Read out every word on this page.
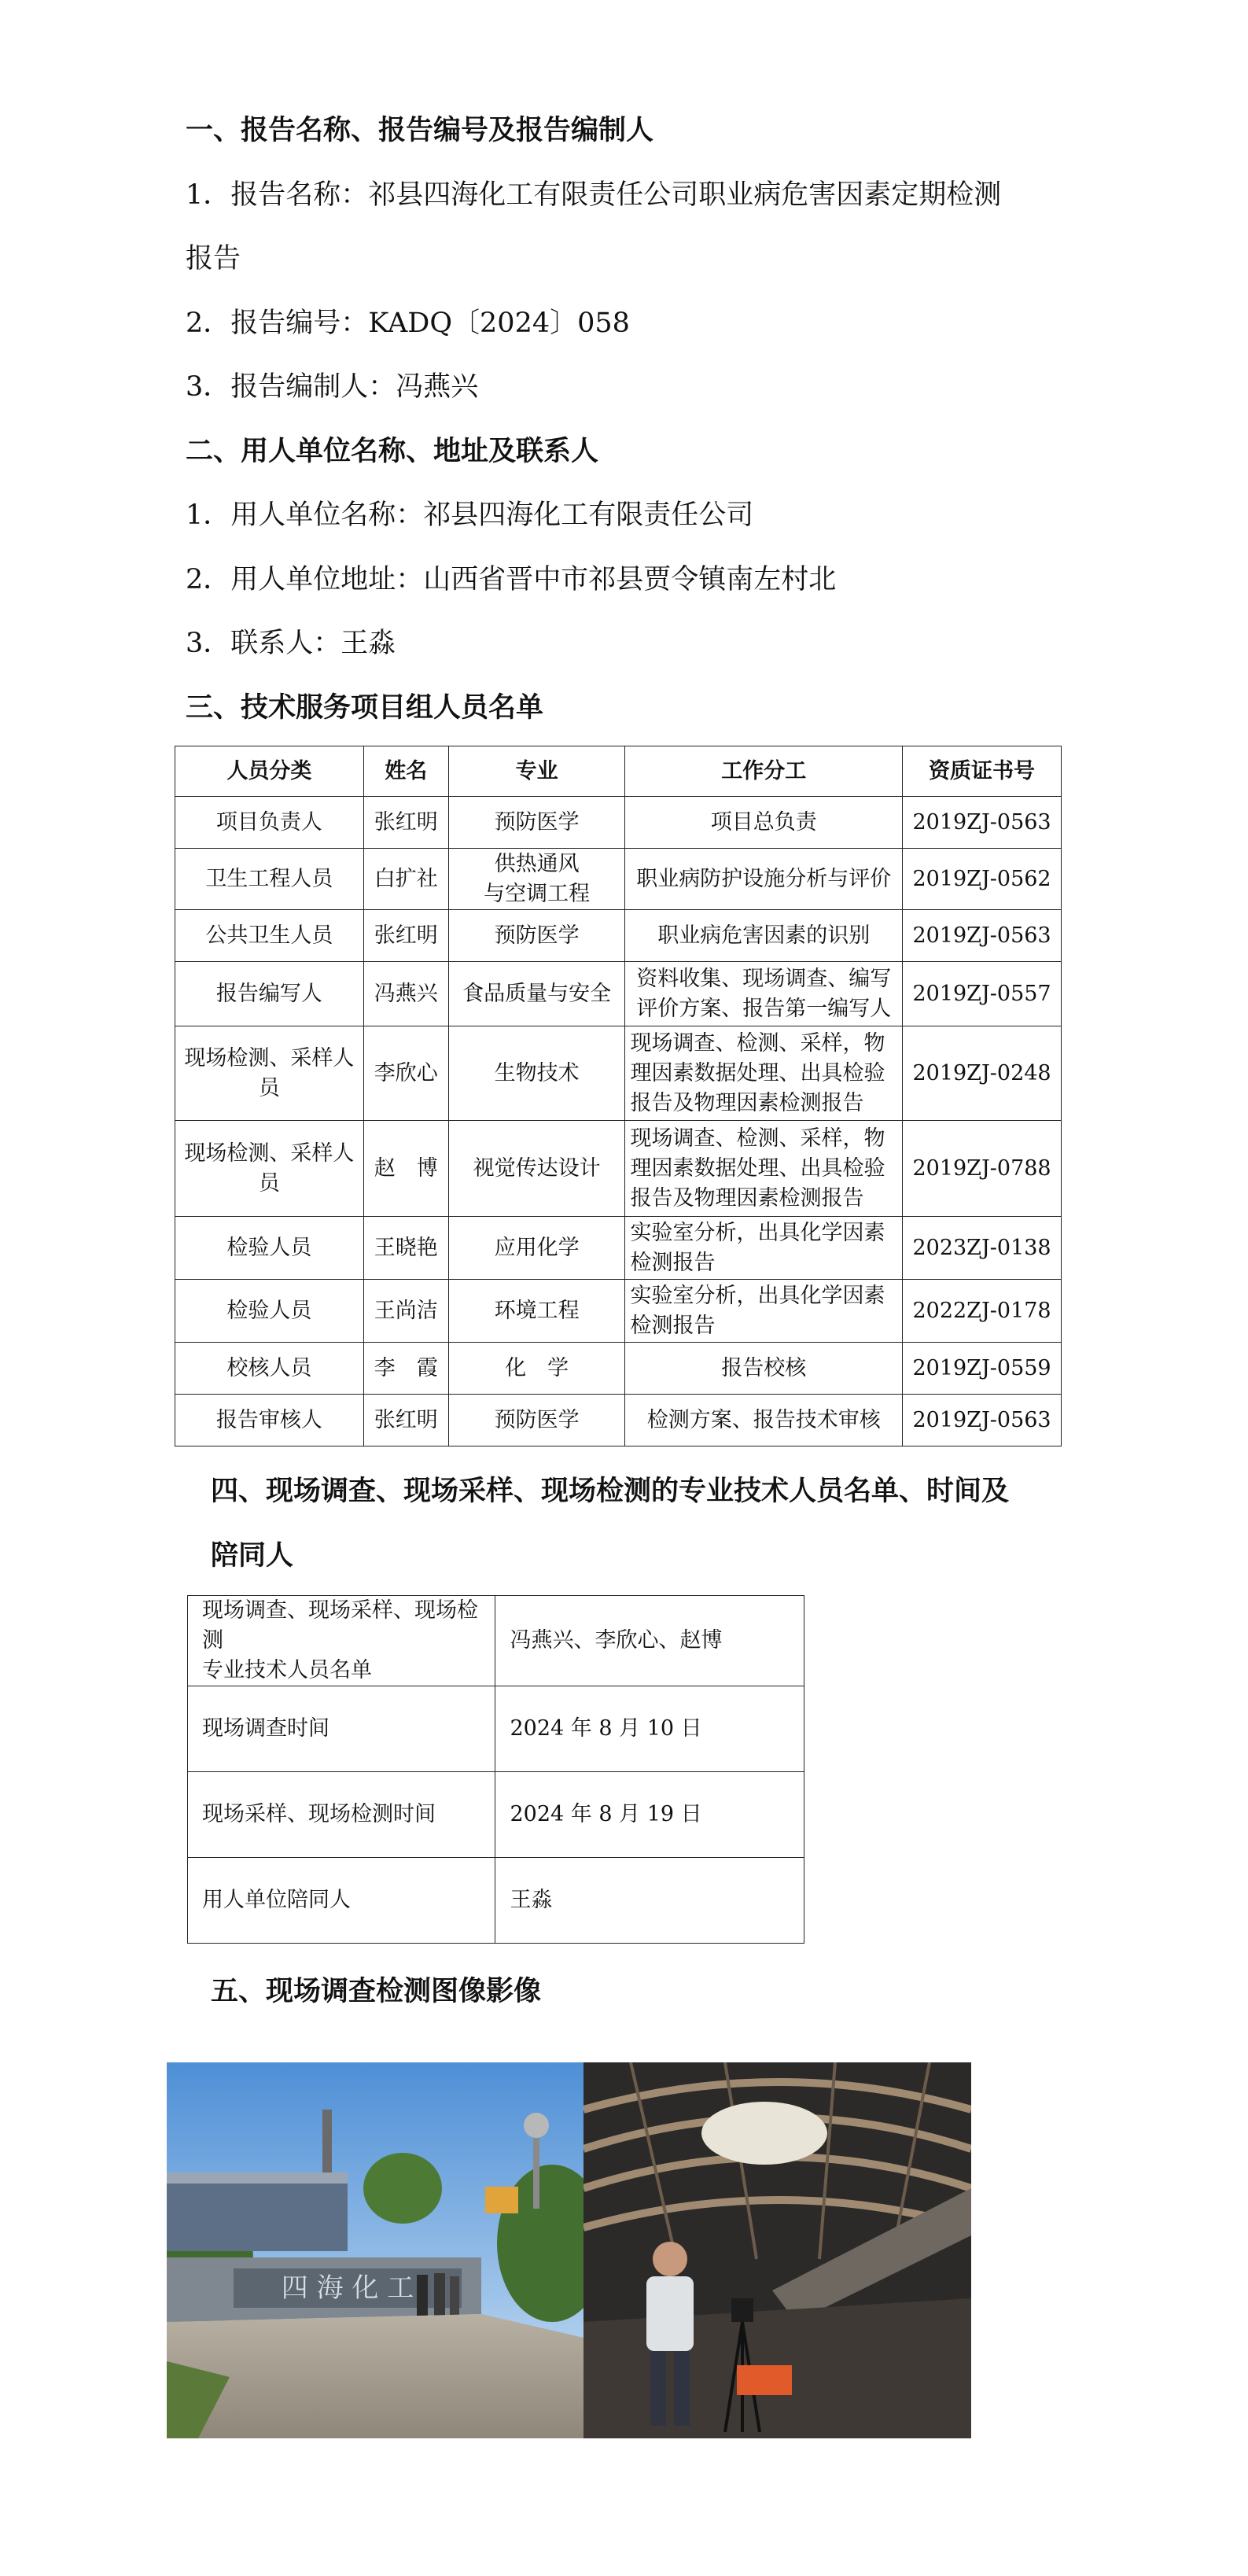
一、报告名称、报告编号及报告编制人
1．报告名称：祁县四海化工有限责任公司职业病危害因素定期检测
报告
2．报告编号：KADQ〔2024〕058
3．报告编制人：冯燕兴
二、用人单位名称、地址及联系人
1．用人单位名称：祁县四海化工有限责任公司
2．用人单位地址：山西省晋中市祁县贾令镇南左村北
3．联系人：王淼
三、技术服务项目组人员名单
人员分类	姓名	专业	工作分工	资质证书号
项目负责人	张红明	预防医学	项目总负责	2019ZJ-0563
卫生工程人员	白扩社	供热通风
与空调工程	职业病防护设施分析与评价	2019ZJ-0562
公共卫生人员	张红明	预防医学	职业病危害因素的识别	2019ZJ-0563
报告编写人	冯燕兴	食品质量与安全	资料收集、现场调查、编写
评价方案、报告第一编写人	2019ZJ-0557
现场检测、采样人
员	李欣心	生物技术	现场调查、检测、采样，物
理因素数据处理、出具检验
报告及物理因素检测报告	2019ZJ-0248
现场检测、采样人
员	赵　博	视觉传达设计	现场调查、检测、采样，物
理因素数据处理、出具检验
报告及物理因素检测报告	2019ZJ-0788
检验人员	王晓艳	应用化学	实验室分析，出具化学因素
检测报告	2023ZJ-0138
检验人员	王尚洁	环境工程	实验室分析，出具化学因素
检测报告	2022ZJ-0178
校核人员	李　霞	化　学	报告校核	2019ZJ-0559
报告审核人	张红明	预防医学	检测方案、报告技术审核	2019ZJ-0563
四、现场调查、现场采样、现场检测的专业技术人员名单、时间及
陪同人
现场调查、现场采样、现场检测
专业技术人员名单	冯燕兴、李欣心、赵博
现场调查时间	2024 年 8 月 10 日
现场采样、现场检测时间	2024 年 8 月 19 日
用人单位陪同人	王淼
五、现场调查检测图像影像
四 海 化 工
